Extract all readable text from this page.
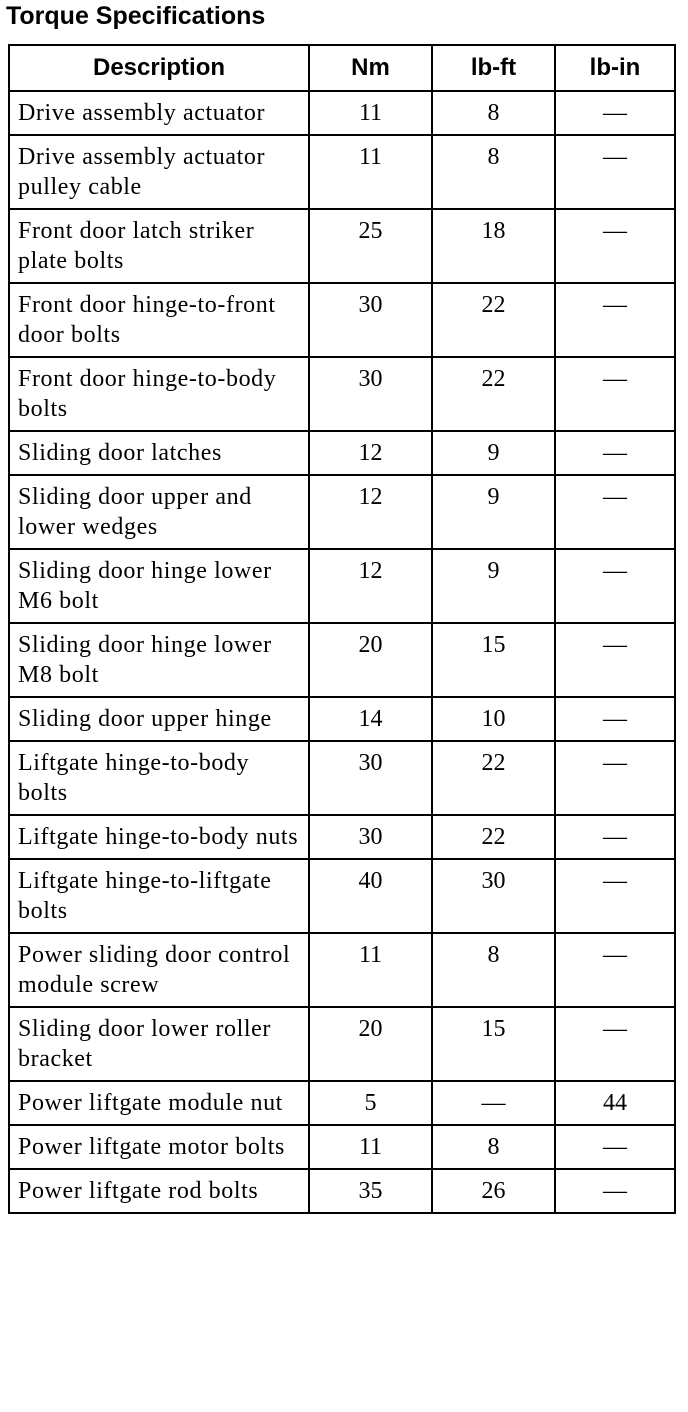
Torque Specifications
Description	Nm	lb-ft	lb-in
Drive assembly actuator	11	8	—
Drive assembly actuator pulley cable	11	8	—
Front door latch striker plate bolts	25	18	—
Front door hinge-to-front door bolts	30	22	—
Front door hinge-to-body bolts	30	22	—
Sliding door latches	12	9	—
Sliding door upper and lower wedges	12	9	—
Sliding door hinge lower M6 bolt	12	9	—
Sliding door hinge lower M8 bolt	20	15	—
Sliding door upper hinge	14	10	—
Liftgate hinge-to-body bolts	30	22	—
Liftgate hinge-to-body nuts	30	22	—
Liftgate hinge-to-liftgate bolts	40	30	—
Power sliding door control module screw	11	8	—
Sliding door lower roller bracket	20	15	—
Power liftgate module nut	5	—	44
Power liftgate motor bolts	11	8	—
Power liftgate rod bolts	35	26	—
